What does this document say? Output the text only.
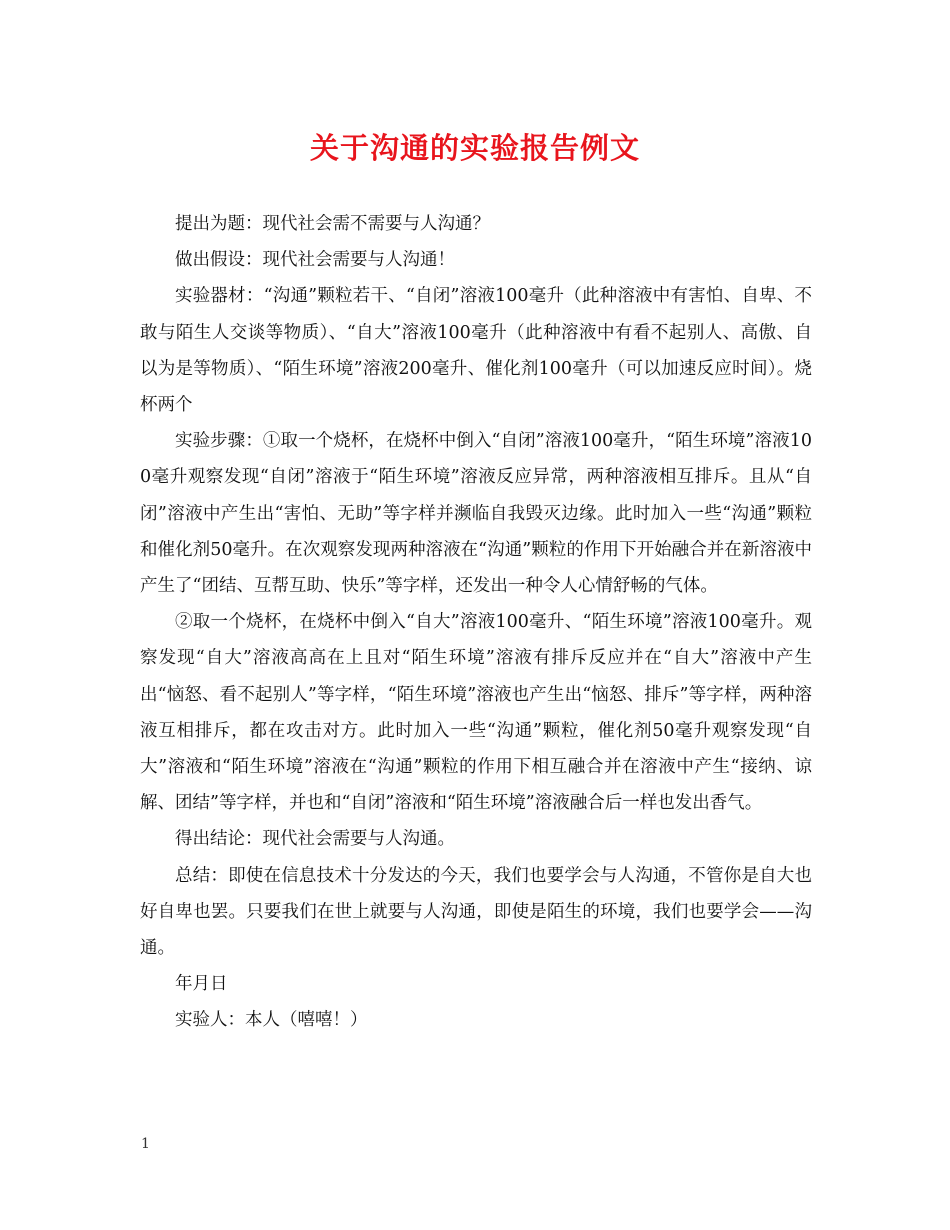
关于沟通的实验报告例文

提出为题：现代社会需不需要与人沟通？

做出假设：现代社会需要与人沟通！

实验器材：“沟通”颗粒若干、“自闭”溶液100毫升（此种溶液中有害怕、自卑、不敢与陌生人交谈等物质）、“自大”溶液100毫升（此种溶液中有看不起别人、高傲、自以为是等物质）、“陌生环境”溶液200毫升、催化剂100毫升（可以加速反应时间）。烧杯两个

实验步骤：①取一个烧杯，在烧杯中倒入“自闭”溶液100毫升，“陌生环境”溶液100毫升观察发现“自闭”溶液于“陌生环境”溶液反应异常，两种溶液相互排斥。且从“自闭”溶液中产生出“害怕、无助”等字样并濒临自我毁灭边缘。此时加入一些“沟通”颗粒和催化剂50毫升。在次观察发现两种溶液在“沟通”颗粒的作用下开始融合并在新溶液中产生了“团结、互帮互助、快乐”等字样，还发出一种令人心情舒畅的气体。

②取一个烧杯，在烧杯中倒入“自大”溶液100毫升、“陌生环境”溶液100毫升。观察发现“自大”溶液高高在上且对“陌生环境”溶液有排斥反应并在“自大”溶液中产生出“恼怒、看不起别人”等字样，“陌生环境”溶液也产生出“恼怒、排斥”等字样，两种溶液互相排斥，都在攻击对方。此时加入一些“沟通”颗粒，催化剂50毫升观察发现“自大”溶液和“陌生环境”溶液在“沟通”颗粒的作用下相互融合并在溶液中产生“接纳、谅解、团结”等字样，并也和“自闭”溶液和“陌生环境”溶液融合后一样也发出香气。

得出结论：现代社会需要与人沟通。

总结：即使在信息技术十分发达的今天，我们也要学会与人沟通，不管你是自大也好自卑也罢。只要我们在世上就要与人沟通，即使是陌生的环境，我们也要学会——沟通。

年月日

实验人：本人（嘻嘻！）

1
